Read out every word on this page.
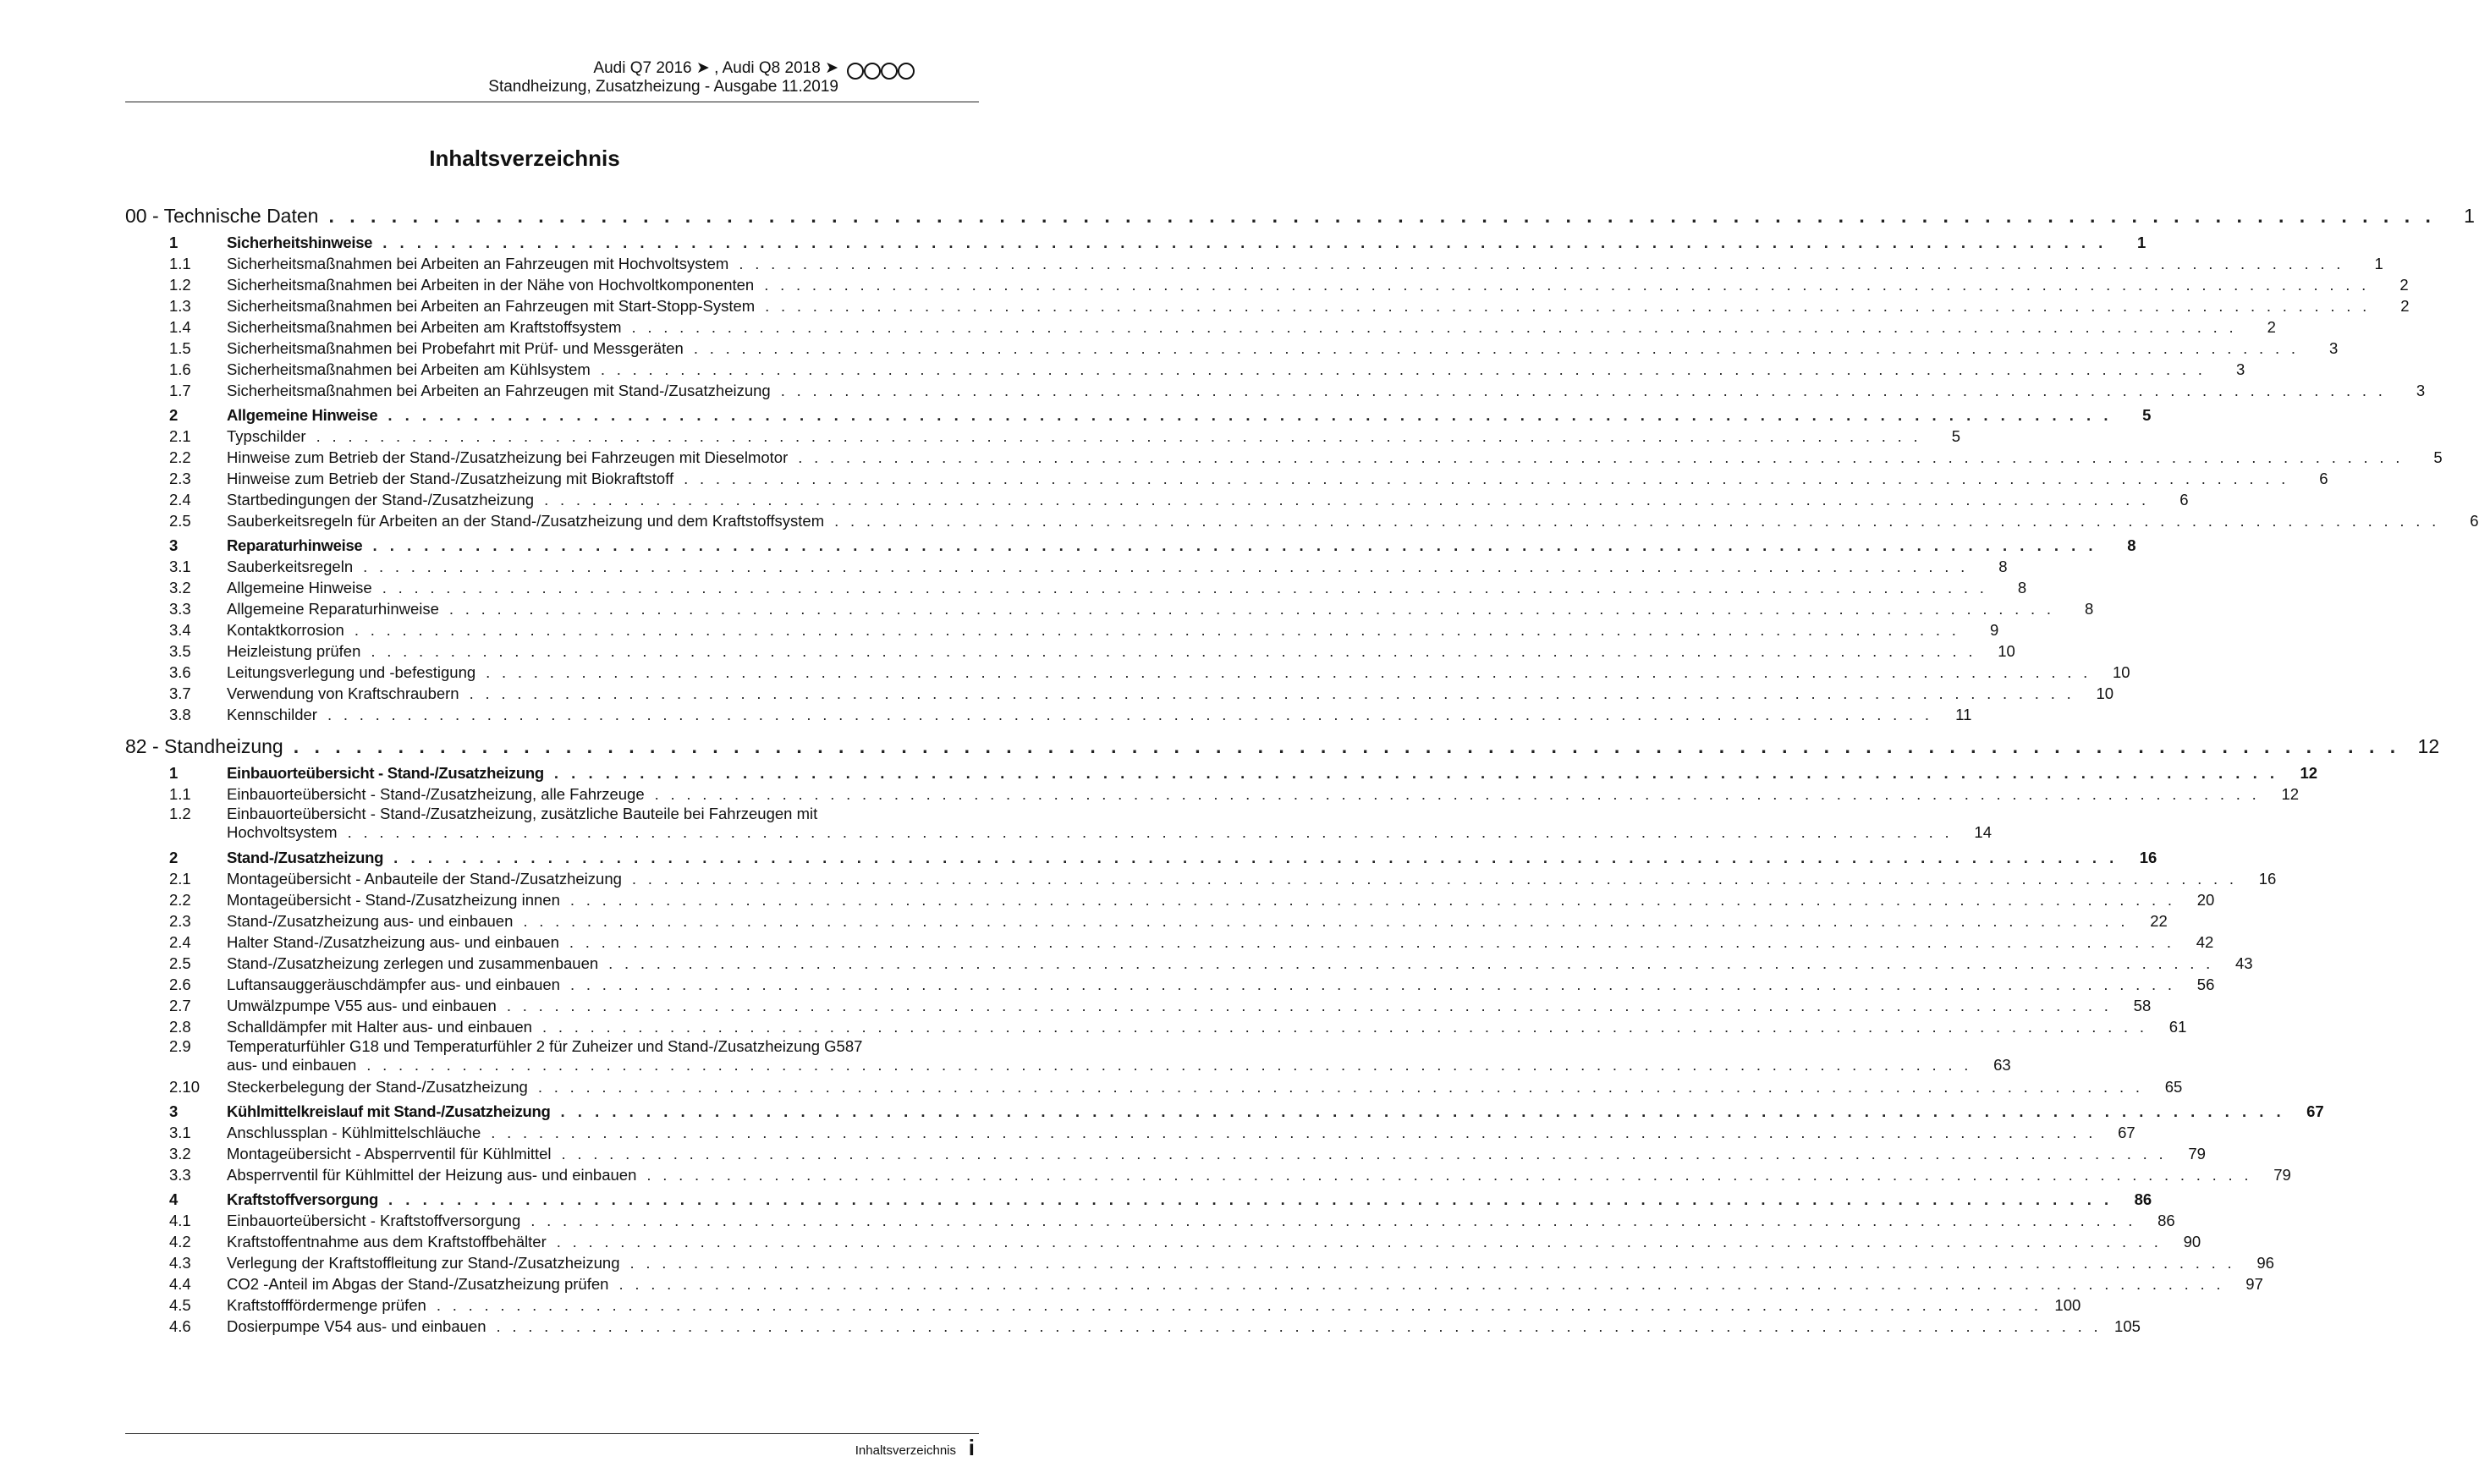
Audi Q7 2016 ➤ , Audi Q8 2018 ➤
Standheizung, Zusatzheizung - Ausgabe 11.2019
Inhaltsverzeichnis
00 - Technische Daten . . . . . . . . . . . . . . . . . . . . . . . . . . . . . . . . . . . . . . . . . . . . . . . . . . . . . . . . . . . . . . . . . . . . . . . . . . . . . . . . . . . . . . . . . . . . . . . . . . . . .	1
1	Sicherheitshinweise . . . . . . . . . . . . . . . . . . . . . . . . . . . . . . . . . . . . . . . . . . . . . . . . . . . . . . . . . . . . . . . . . . . . . . . . . . . . . . . . . . . . . . . . . . . . . . . . . . . . .	1
1.1	Sicherheitsmaßnahmen bei Arbeiten an Fahrzeugen mit Hochvoltsystem . . . . . . . . . . . . . . . . . . . . . . . . . . . . . . . . . . . . . . . . . . . . . . . . . . . . . . . . . . . . . . . . . . . . . . . . . . . . . . . . . . . . . . . . . . . . . . . . . . . . .	1
1.2	Sicherheitsmaßnahmen bei Arbeiten in der Nähe von Hochvoltkomponenten . . . . . . . . . . . . . . . . . . . . . . . . . . . . . . . . . . . . . . . . . . . . . . . . . . . . . . . . . . . . . . . . . . . . . . . . . . . . . . . . . . . . . . . . . . . . . . . . . . . . .	2
1.3	Sicherheitsmaßnahmen bei Arbeiten an Fahrzeugen mit Start-Stopp-System . . . . . . . . . . . . . . . . . . . . . . . . . . . . . . . . . . . . . . . . . . . . . . . . . . . . . . . . . . . . . . . . . . . . . . . . . . . . . . . . . . . . . . . . . . . . . . . . . . . . .	2
1.4	Sicherheitsmaßnahmen bei Arbeiten am Kraftstoffsystem . . . . . . . . . . . . . . . . . . . . . . . . . . . . . . . . . . . . . . . . . . . . . . . . . . . . . . . . . . . . . . . . . . . . . . . . . . . . . . . . . . . . . . . . . . . . . . . . . . . . .	2
1.5	Sicherheitsmaßnahmen bei Probefahrt mit Prüf- und Messgeräten . . . . . . . . . . . . . . . . . . . . . . . . . . . . . . . . . . . . . . . . . . . . . . . . . . . . . . . . . . . . . . . . . . . . . . . . . . . . . . . . . . . . . . . . . . . . . . . . . . . . .	3
1.6	Sicherheitsmaßnahmen bei Arbeiten am Kühlsystem . . . . . . . . . . . . . . . . . . . . . . . . . . . . . . . . . . . . . . . . . . . . . . . . . . . . . . . . . . . . . . . . . . . . . . . . . . . . . . . . . . . . . . . . . . . . . . . . . . . . .	3
1.7	Sicherheitsmaßnahmen bei Arbeiten an Fahrzeugen mit Stand-/Zusatzheizung . . . . . . . . . . . . . . . . . . . . . . . . . . . . . . . . . . . . . . . . . . . . . . . . . . . . . . . . . . . . . . . . . . . . . . . . . . . . . . . . . . . . . . . . . . . . . . . . . . . . .	3
2	Allgemeine Hinweise . . . . . . . . . . . . . . . . . . . . . . . . . . . . . . . . . . . . . . . . . . . . . . . . . . . . . . . . . . . . . . . . . . . . . . . . . . . . . . . . . . . . . . . . . . . . . . . . . . . . .	5
2.1	Typschilder . . . . . . . . . . . . . . . . . . . . . . . . . . . . . . . . . . . . . . . . . . . . . . . . . . . . . . . . . . . . . . . . . . . . . . . . . . . . . . . . . . . . . . . . . . . . . . . . . . . . .	5
2.2	Hinweise zum Betrieb der Stand-/Zusatzheizung bei Fahrzeugen mit Dieselmotor . . . . . . . . . . . . . . . . . . . . . . . . . . . . . . . . . . . . . . . . . . . . . . . . . . . . . . . . . . . . . . . . . . . . . . . . . . . . . . . . . . . . . . . . . . . . . . . . . . . . .	5
2.3	Hinweise zum Betrieb der Stand-/Zusatzheizung mit Biokraftstoff . . . . . . . . . . . . . . . . . . . . . . . . . . . . . . . . . . . . . . . . . . . . . . . . . . . . . . . . . . . . . . . . . . . . . . . . . . . . . . . . . . . . . . . . . . . . . . . . . . . . .	6
2.4	Startbedingungen der Stand-/Zusatzheizung . . . . . . . . . . . . . . . . . . . . . . . . . . . . . . . . . . . . . . . . . . . . . . . . . . . . . . . . . . . . . . . . . . . . . . . . . . . . . . . . . . . . . . . . . . . . . . . . . . . . .	6
2.5	Sauberkeitsregeln für Arbeiten an der Stand-/Zusatzheizung und dem Kraftstoffsystem . . . . . . . . . . . . . . . . . . . . . . . . . . . . . . . . . . . . . . . . . . . . . . . . . . . . . . . . . . . . . . . . . . . . . . . . . . . . . . . . . . . . . . . . . . . . . . . . . . . . .	6
3	Reparaturhinweise . . . . . . . . . . . . . . . . . . . . . . . . . . . . . . . . . . . . . . . . . . . . . . . . . . . . . . . . . . . . . . . . . . . . . . . . . . . . . . . . . . . . . . . . . . . . . . . . . . . . .	8
3.1	Sauberkeitsregeln . . . . . . . . . . . . . . . . . . . . . . . . . . . . . . . . . . . . . . . . . . . . . . . . . . . . . . . . . . . . . . . . . . . . . . . . . . . . . . . . . . . . . . . . . . . . . . . . . . . . .	8
3.2	Allgemeine Hinweise . . . . . . . . . . . . . . . . . . . . . . . . . . . . . . . . . . . . . . . . . . . . . . . . . . . . . . . . . . . . . . . . . . . . . . . . . . . . . . . . . . . . . . . . . . . . . . . . . . . . .	8
3.3	Allgemeine Reparaturhinweise . . . . . . . . . . . . . . . . . . . . . . . . . . . . . . . . . . . . . . . . . . . . . . . . . . . . . . . . . . . . . . . . . . . . . . . . . . . . . . . . . . . . . . . . . . . . . . . . . . . . .	8
3.4	Kontaktkorrosion . . . . . . . . . . . . . . . . . . . . . . . . . . . . . . . . . . . . . . . . . . . . . . . . . . . . . . . . . . . . . . . . . . . . . . . . . . . . . . . . . . . . . . . . . . . . . . . . . . . . .	9
3.5	Heizleistung prüfen . . . . . . . . . . . . . . . . . . . . . . . . . . . . . . . . . . . . . . . . . . . . . . . . . . . . . . . . . . . . . . . . . . . . . . . . . . . . . . . . . . . . . . . . . . . . . . . . . . . . .	10
3.6	Leitungsverlegung und -befestigung . . . . . . . . . . . . . . . . . . . . . . . . . . . . . . . . . . . . . . . . . . . . . . . . . . . . . . . . . . . . . . . . . . . . . . . . . . . . . . . . . . . . . . . . . . . . . . . . . . . . .	10
3.7	Verwendung von Kraftschraubern . . . . . . . . . . . . . . . . . . . . . . . . . . . . . . . . . . . . . . . . . . . . . . . . . . . . . . . . . . . . . . . . . . . . . . . . . . . . . . . . . . . . . . . . . . . . . . . . . . . . .	10
3.8	Kennschilder . . . . . . . . . . . . . . . . . . . . . . . . . . . . . . . . . . . . . . . . . . . . . . . . . . . . . . . . . . . . . . . . . . . . . . . . . . . . . . . . . . . . . . . . . . . . . . . . . . . . .	11
82 - Standheizung . . . . . . . . . . . . . . . . . . . . . . . . . . . . . . . . . . . . . . . . . . . . . . . . . . . . . . . . . . . . . . . . . . . . . . . . . . . . . . . . . . . . . . . . . . . . . . . . . . . . . 12
1	Einbauorteübersicht - Stand-/Zusatzheizung . . . . . . . . . . . . . . . . . . . . . . . . . . . . . . . . . . . . . . . . . . . . . . . . . . . . . . . . . . . . . . . . . . . . . . . . . . . . . . . . . . . . . . . . . . . . . . . . . . . . .	12
1.1	Einbauorteübersicht - Stand-/Zusatzheizung, alle Fahrzeuge . . . . . . . . . . . . . . . . . . . . . . . . . . . . . . . . . . . . . . . . . . . . . . . . . . . . . . . . . . . . . . . . . . . . . . . . . . . . . . . . . . . . . . . . . . . . . . . . . . . . .	12
1.2	Einbauorteübersicht - Stand-/Zusatzheizung, zusätzliche Bauteile bei Fahrzeugen mit
Hochvoltsystem . . . . . . . . . . . . . . . . . . . . . . . . . . . . . . . . . . . . . . . . . . . . . . . . . . . . . . . . . . . . . . . . . . . . . . . . . . . . . . . . . . . . . . . . . . . . . . . . . . . . .	14
2	Stand-/Zusatzheizung . . . . . . . . . . . . . . . . . . . . . . . . . . . . . . . . . . . . . . . . . . . . . . . . . . . . . . . . . . . . . . . . . . . . . . . . . . . . . . . . . . . . . . . . . . . . . . . . . . . . .	16
2.1	Montageübersicht - Anbauteile der Stand-/Zusatzheizung . . . . . . . . . . . . . . . . . . . . . . . . . . . . . . . . . . . . . . . . . . . . . . . . . . . . . . . . . . . . . . . . . . . . . . . . . . . . . . . . . . . . . . . . . . . . . . . . . . . . .	16
2.2	Montageübersicht - Stand-/Zusatzheizung innen . . . . . . . . . . . . . . . . . . . . . . . . . . . . . . . . . . . . . . . . . . . . . . . . . . . . . . . . . . . . . . . . . . . . . . . . . . . . . . . . . . . . . . . . . . . . . . . . . . . . .	20
2.3	Stand-/Zusatzheizung aus- und einbauen . . . . . . . . . . . . . . . . . . . . . . . . . . . . . . . . . . . . . . . . . . . . . . . . . . . . . . . . . . . . . . . . . . . . . . . . . . . . . . . . . . . . . . . . . . . . . . . . . . . . .	22
2.4	Halter Stand-/Zusatzheizung aus- und einbauen . . . . . . . . . . . . . . . . . . . . . . . . . . . . . . . . . . . . . . . . . . . . . . . . . . . . . . . . . . . . . . . . . . . . . . . . . . . . . . . . . . . . . . . . . . . . . . . . . . . . .	42
2.5	Stand-/Zusatzheizung zerlegen und zusammenbauen . . . . . . . . . . . . . . . . . . . . . . . . . . . . . . . . . . . . . . . . . . . . . . . . . . . . . . . . . . . . . . . . . . . . . . . . . . . . . . . . . . . . . . . . . . . . . . . . . . . . .	43
2.6	Luftansauggeräuschdämpfer aus- und einbauen . . . . . . . . . . . . . . . . . . . . . . . . . . . . . . . . . . . . . . . . . . . . . . . . . . . . . . . . . . . . . . . . . . . . . . . . . . . . . . . . . . . . . . . . . . . . . . . . . . . . .	56
2.7	Umwälzpumpe V55 aus- und einbauen . . . . . . . . . . . . . . . . . . . . . . . . . . . . . . . . . . . . . . . . . . . . . . . . . . . . . . . . . . . . . . . . . . . . . . . . . . . . . . . . . . . . . . . . . . . . . . . . . . . . .	58
2.8	Schalldämpfer mit Halter aus- und einbauen . . . . . . . . . . . . . . . . . . . . . . . . . . . . . . . . . . . . . . . . . . . . . . . . . . . . . . . . . . . . . . . . . . . . . . . . . . . . . . . . . . . . . . . . . . . . . . . . . . . . .	61
2.9	Temperaturfühler G18 und Temperaturfühler 2 für Zuheizer und Stand-/Zusatzheizung G587
aus- und einbauen . . . . . . . . . . . . . . . . . . . . . . . . . . . . . . . . . . . . . . . . . . . . . . . . . . . . . . . . . . . . . . . . . . . . . . . . . . . . . . . . . . . . . . . . . . . . . . . . . . . . .	63
2.10	Steckerbelegung der Stand-/Zusatzheizung . . . . . . . . . . . . . . . . . . . . . . . . . . . . . . . . . . . . . . . . . . . . . . . . . . . . . . . . . . . . . . . . . . . . . . . . . . . . . . . . . . . . . . . . . . . . . . . . . . . . .	65
3	Kühlmittelkreislauf mit Stand-/Zusatzheizung . . . . . . . . . . . . . . . . . . . . . . . . . . . . . . . . . . . . . . . . . . . . . . . . . . . . . . . . . . . . . . . . . . . . . . . . . . . . . . . . . . . . . . . . . . . . . . . . . . . . .	67
3.1	Anschlussplan - Kühlmittelschläuche . . . . . . . . . . . . . . . . . . . . . . . . . . . . . . . . . . . . . . . . . . . . . . . . . . . . . . . . . . . . . . . . . . . . . . . . . . . . . . . . . . . . . . . . . . . . . . . . . . . . .	67
3.2	Montageübersicht - Absperrventil für Kühlmittel . . . . . . . . . . . . . . . . . . . . . . . . . . . . . . . . . . . . . . . . . . . . . . . . . . . . . . . . . . . . . . . . . . . . . . . . . . . . . . . . . . . . . . . . . . . . . . . . . . . . .	79
3.3	Absperrventil für Kühlmittel der Heizung aus- und einbauen . . . . . . . . . . . . . . . . . . . . . . . . . . . . . . . . . . . . . . . . . . . . . . . . . . . . . . . . . . . . . . . . . . . . . . . . . . . . . . . . . . . . . . . . . . . . . . . . . . . . .	79
4	Kraftstoffversorgung . . . . . . . . . . . . . . . . . . . . . . . . . . . . . . . . . . . . . . . . . . . . . . . . . . . . . . . . . . . . . . . . . . . . . . . . . . . . . . . . . . . . . . . . . . . . . . . . . . . . .	86
4.1	Einbauorteübersicht - Kraftstoffversorgung . . . . . . . . . . . . . . . . . . . . . . . . . . . . . . . . . . . . . . . . . . . . . . . . . . . . . . . . . . . . . . . . . . . . . . . . . . . . . . . . . . . . . . . . . . . . . . . . . . . . .	86
4.2	Kraftstoffentnahme aus dem Kraftstoffbehälter . . . . . . . . . . . . . . . . . . . . . . . . . . . . . . . . . . . . . . . . . . . . . . . . . . . . . . . . . . . . . . . . . . . . . . . . . . . . . . . . . . . . . . . . . . . . . . . . . . . . .	90
4.3	Verlegung der Kraftstoffleitung zur Stand-/Zusatzheizung . . . . . . . . . . . . . . . . . . . . . . . . . . . . . . . . . . . . . . . . . . . . . . . . . . . . . . . . . . . . . . . . . . . . . . . . . . . . . . . . . . . . . . . . . . . . . . . . . . . . .	96
4.4	CO2 -Anteil im Abgas der Stand-/Zusatzheizung prüfen . . . . . . . . . . . . . . . . . . . . . . . . . . . . . . . . . . . . . . . . . . . . . . . . . . . . . . . . . . . . . . . . . . . . . . . . . . . . . . . . . . . . . . . . . . . . . . . . . . . . .	97
4.5	Kraftstofffördermenge prüfen . . . . . . . . . . . . . . . . . . . . . . . . . . . . . . . . . . . . . . . . . . . . . . . . . . . . . . . . . . . . . . . . . . . . . . . . . . . . . . . . . . . . . . . . . . . . . . . . . . . . . 100
4.6	Dosierpumpe V54 aus- und einbauen . . . . . . . . . . . . . . . . . . . . . . . . . . . . . . . . . . . . . . . . . . . . . . . . . . . . . . . . . . . . . . . . . . . . . . . . . . . . . . . . . . . . . . . . . . . . . . . . . . . . . 105
Inhaltsverzeichnis i
